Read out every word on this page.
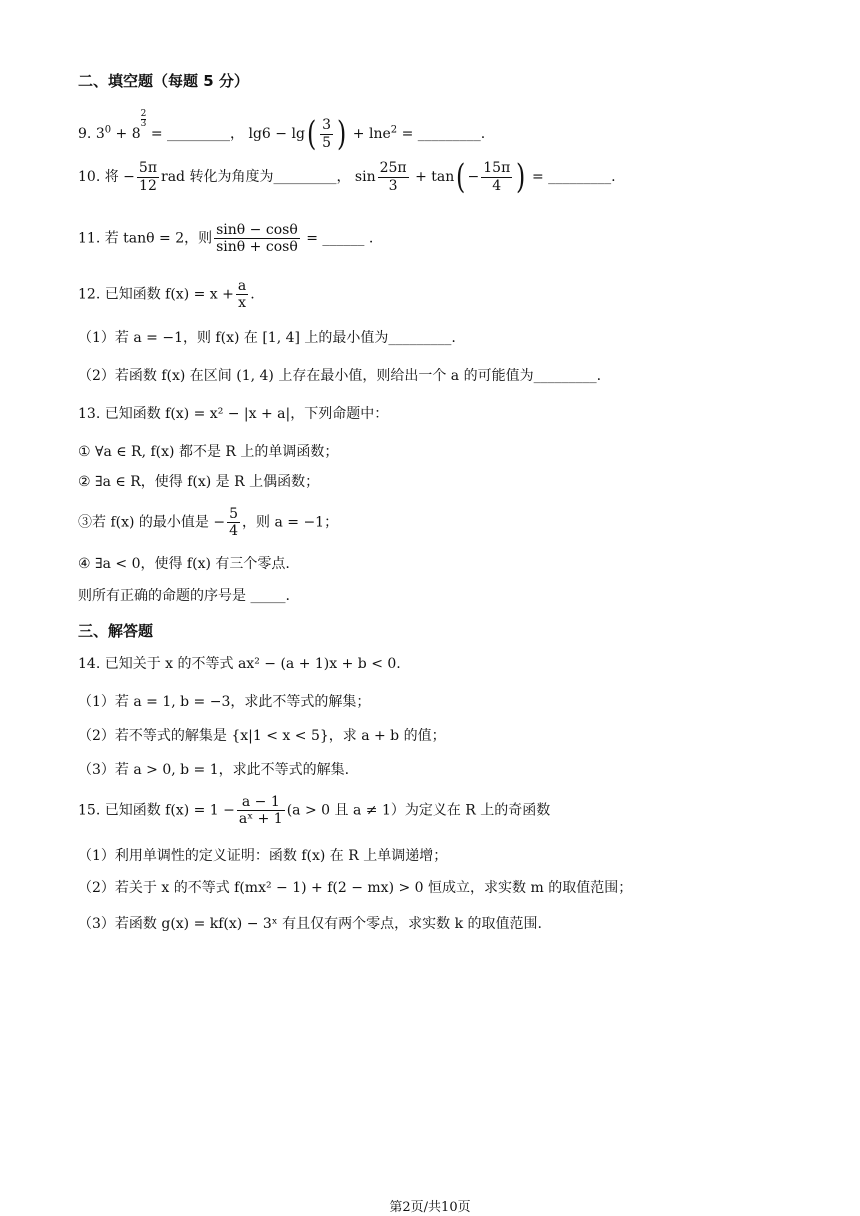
二、填空题（每题 5 分）
9. $3^0 + 8$
$\frac{2}{3}$
= _________， $\lg 6 - \lg( \frac{3}{5}$ ) + lne$^2$ = _________.
10. 将 − $\frac{5\pi}{12}$ rad 转化为角度为_________， $\sin \frac{25\pi}{3} + \tan( - \frac{15\pi}{4}$ ) = _________.
11. 若 tanθ = 2，则 $\frac{\sin\theta - \cos\theta}{\sin\theta + \cos\theta}$ = ______ .
12. 已知函数 $f(x) = x + \frac{a}{x}$ .
（1）若 a = −1，则 f(x) 在 [1, 4] 上的最小值为_________.
（2）若函数 f(x) 在区间 (1, 4) 上存在最小值，则给出一个 a 的可能值为_________.
13. 已知函数 f(x) = x² − |x + a|，下列命题中：
① ∀a ∈ R, f(x) 都不是 R 上的单调函数；
② ∃a ∈ R，使得 f(x) 是 R 上偶函数；
③若 f(x) 的最小值是 − $\frac{5}{4}$ ，则 a = −1；
④ ∃a < 0，使得 f(x) 有三个零点.
则所有正确的命题的序号是 _____.
三、解答题
14. 已知关于 x 的不等式 ax² − (a + 1)x + b < 0.
（1）若 a = 1, b = −3，求此不等式的解集；
（2）若不等式的解集是 {x|1 < x < 5}，求 a + b 的值；
（3）若 a > 0, b = 1，求此不等式的解集.
15. 已知函数 $f(x) = 1 - \frac{a - 1}{\text{aˣ + 1}} (a > 0$ 且 a ≠ 1）为定义在 R 上的奇函数
（1）利用单调性的定义证明：函数 f(x) 在 R 上单调递增；
（2）若关于 x 的不等式 f(mx² − 1) + f(2 − mx) > 0 恒成立，求实数 m 的取值范围；
（3）若函数 g(x) = kf(x) − 3ˣ 有且仅有两个零点，求实数 k 的取值范围.
第2页/共10页
